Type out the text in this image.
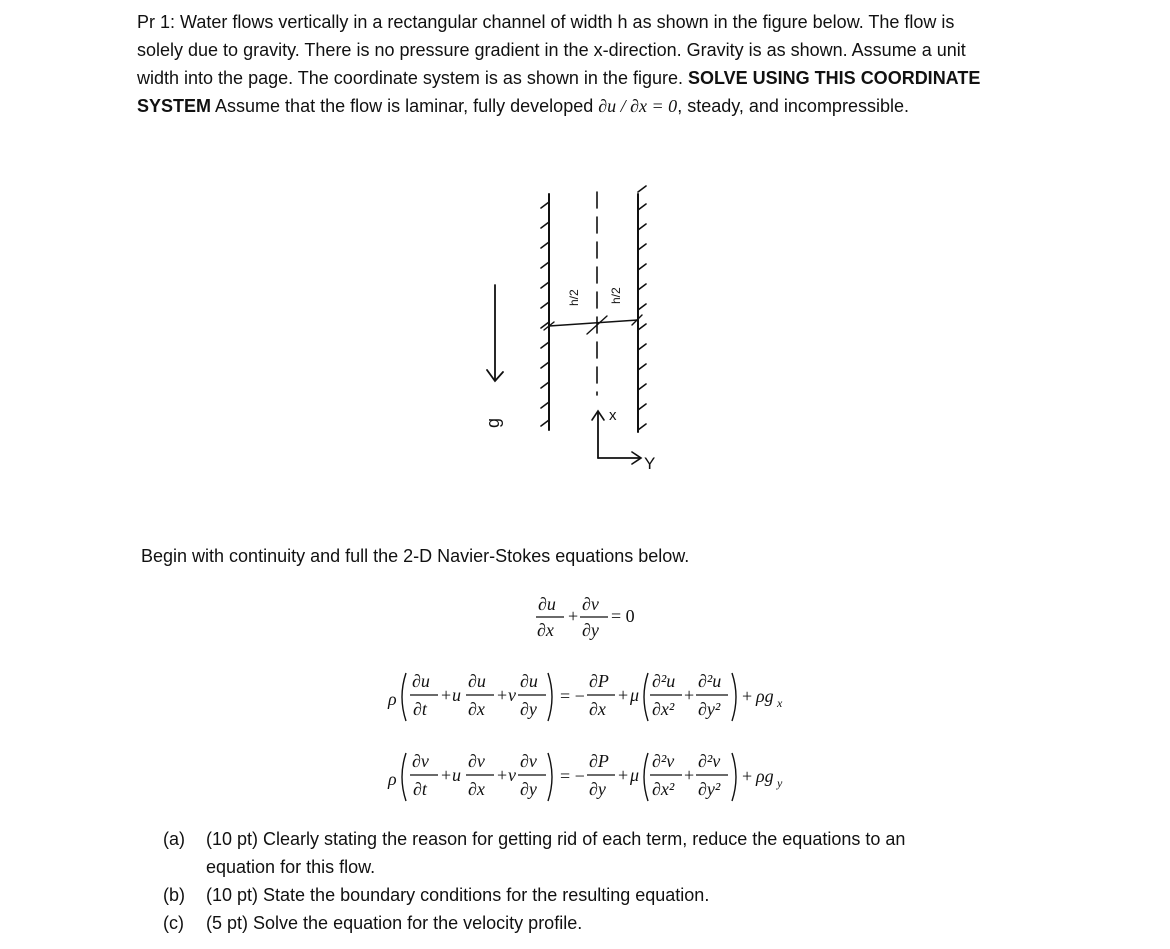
Pr 1: Water flows vertically in a rectangular channel of width h as shown in the figure below. The flow is
solely due to gravity. There is no pressure gradient in the x-direction. Gravity is as shown. Assume a unit
width into the page. The coordinate system is as shown in the figure. SOLVE USING THIS COORDINATE
SYSTEM Assume that the flow is laminar, fully developed ∂u / ∂x = 0, steady, and incompressible.
h/2 h/2
g	x
Y
Begin with continuity and full the 2-D Navier-Stokes equations below.
∂u
∂x
+
∂v
∂y
= 0
ρ
∂u
∂t
+ u
∂u
∂x
+ v
∂u
∂y
= −
∂P
∂x
+ μ
∂²u
∂x²
+
∂²u
∂y²
+ ρg x
ρ
∂v
∂t
+ u
∂v
∂x
+ v
∂v
∂y
= −
∂P
∂y
+ μ
∂²v
∂x²
+
∂²v
∂y²
+ ρg y
(a) (10 pt) Clearly stating the reason for getting rid of each term, reduce the equations to an
equation for this flow.
(b) (10 pt) State the boundary conditions for the resulting equation.
(c) (5 pt) Solve the equation for the velocity profile.
